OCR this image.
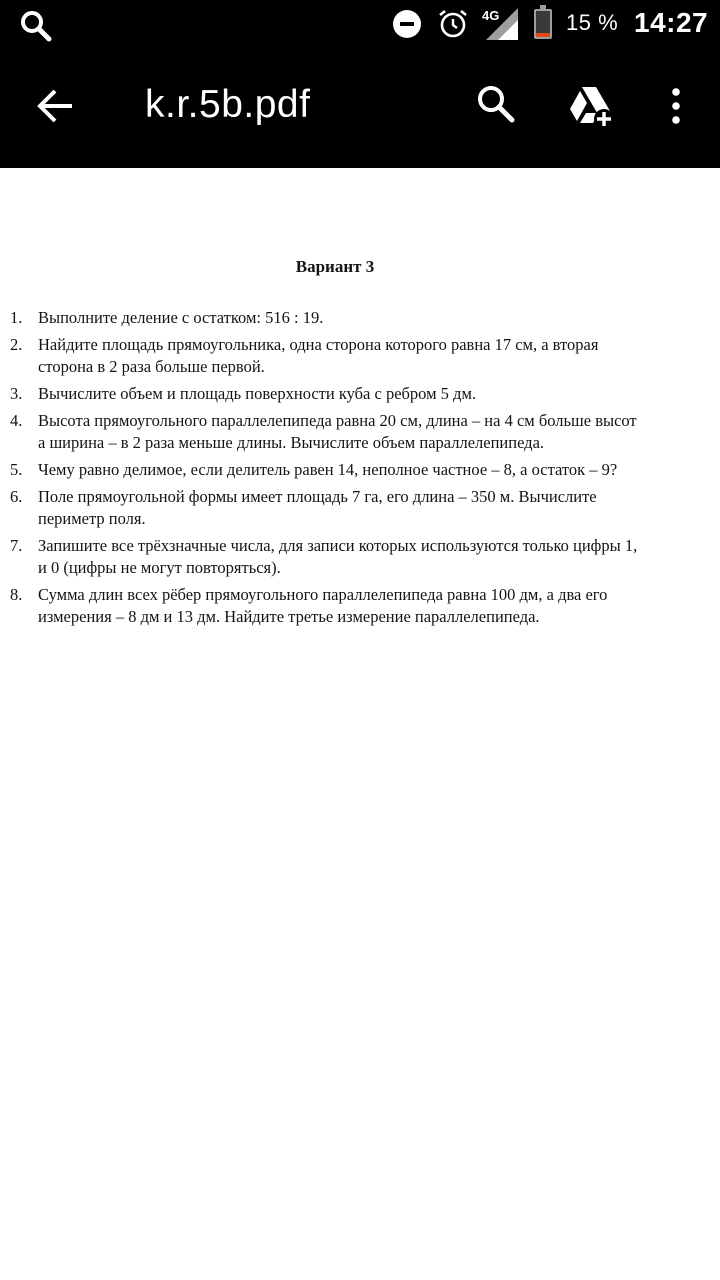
4G	15 % 14:27
k.r.5b.pdf
Вариант 3
1. Выполните деление с остатком: 516 : 19.
2. Найдите площадь прямоугольника, одна сторона которого равна 17 см, а вторая
сторона в 2 раза больше первой.
3. Вычислите объем и площадь поверхности куба с ребром 5 дм.
4. Высота прямоугольного параллелепипеда равна 20 см, длина – на 4 см больше высот
а ширина – в 2 раза меньше длины. Вычислите объем параллелепипеда.
5. Чему равно делимое, если делитель равен 14, неполное частное – 8, а остаток – 9?
6. Поле прямоугольной формы имеет площадь 7 га, его длина – 350 м. Вычислите
периметр поля.
7. Запишите все трёхзначные числа, для записи которых используются только цифры 1,
и 0 (цифры не могут повторяться).
8. Сумма длин всех рёбер прямоугольного параллелепипеда равна 100 дм, а два его
измерения – 8 дм и 13 дм. Найдите третье измерение параллелепипеда.
